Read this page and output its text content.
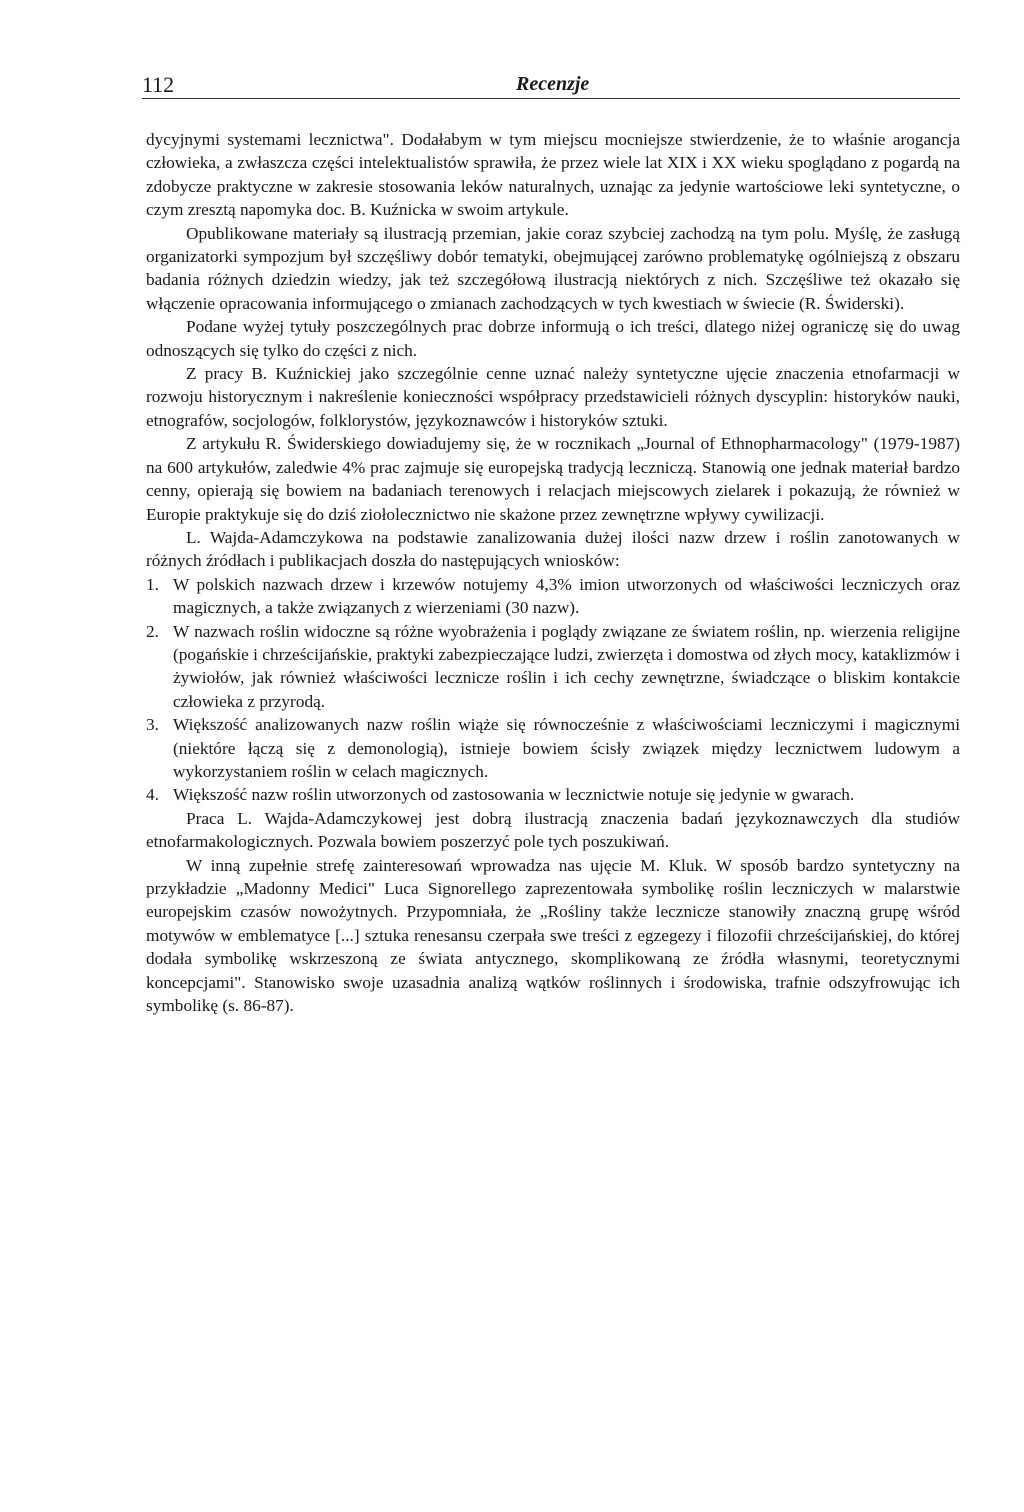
112	Recenzje

dycyjnymi systemami lecznictwa". Dodałabym w tym miejscu mocniejsze stwierdzenie, że to właśnie arogancja człowieka, a zwłaszcza części intelektualistów sprawiła, że przez wiele lat XIX i XX wieku spoglądano z pogardą na zdobycze praktyczne w zakresie stosowania leków naturalnych, uznając za jedynie wartościowe leki syntetyczne, o czym zresztą napomyka doc. B. Kuźnicka w swoim artykule.

Opublikowane materiały są ilustracją przemian, jakie coraz szybciej zachodzą na tym polu. Myślę, że zasługą organizatorki sympozjum był szczęśliwy dobór tematyki, obejmującej zarówno problematykę ogólniejszą z obszaru badania różnych dziedzin wiedzy, jak też szczegółową ilustracją niektórych z nich. Szczęśliwe też okazało się włączenie opracowania informującego o zmianach zachodzących w tych kwestiach w świecie (R. Świderski).

Podane wyżej tytuły poszczególnych prac dobrze informują o ich treści, dlatego niżej ograniczę się do uwag odnoszących się tylko do części z nich.

Z pracy B. Kuźnickiej jako szczególnie cenne uznać należy syntetyczne ujęcie znaczenia etnofarmacji w rozwoju historycznym i nakreślenie konieczności współpracy przedstawicieli różnych dyscyplin: historyków nauki, etnografów, socjologów, folklorystów, językoznawców i historyków sztuki.

Z artykułu R. Świderskiego dowiadujemy się, że w rocznikach „Journal of Ethnopharmacology" (1979-1987) na 600 artykułów, zaledwie 4% prac zajmuje się europejską tradycją leczniczą. Stanowią one jednak materiał bardzo cenny, opierają się bowiem na badaniach terenowych i relacjach miejscowych zielarek i pokazują, że również w Europie praktykuje się do dziś ziołolecznictwo nie skażone przez zewnętrzne wpływy cywilizacji.

L. Wajda-Adamczykowa na podstawie zanalizowania dużej ilości nazw drzew i roślin zanotowanych w różnych źródłach i publikacjach doszła do następujących wniosków:

1. W polskich nazwach drzew i krzewów notujemy 4,3% imion utworzonych od właściwości leczniczych oraz magicznych, a także związanych z wierzeniami (30 nazw).
2. W nazwach roślin widoczne są różne wyobrażenia i poglądy związane ze światem roślin, np. wierzenia religijne (pogańskie i chrześcijańskie, praktyki zabezpieczające ludzi, zwierzęta i domostwa od złych mocy, kataklizmów i żywiołów, jak również właściwości lecznicze roślin i ich cechy zewnętrzne, świadczące o bliskim kontakcie człowieka z przyrodą.
3. Większość analizowanych nazw roślin wiąże się równocześnie z właściwościami leczniczymi i magicznymi (niektóre łączą się z demonologią), istnieje bowiem ścisły związek między lecznictwem ludowym a wykorzystaniem roślin w celach magicznych.
4. Większość nazw roślin utworzonych od zastosowania w lecznictwie notuje się jedynie w gwarach.

Praca L. Wajda-Adamczykowej jest dobrą ilustracją znaczenia badań językoznawczych dla studiów etnofarmakologicznych. Pozwala bowiem poszerzyć pole tych poszukiwań.

W inną zupełnie strefę zainteresowań wprowadza nas ujęcie M. Kluk. W sposób bardzo syntetyczny na przykładzie „Madonny Medici" Luca Signorellego zaprezentowała symbolikę roślin leczniczych w malarstwie europejskim czasów nowożytnych. Przypomniała, że „Rośliny także lecznicze stanowiły znaczną grupę wśród motywów w emblematyce [...] sztuka renesansu czerpała swe treści z egzegezy i filozofii chrześcijańskiej, do której dodała symbolikę wskrzeszoną ze świata antycznego, skomplikowaną ze źródła własnymi, teoretycznymi koncepcjami". Stanowisko swoje uzasadnia analizą wątków roślinnych i środowiska, trafnie odszyfrowując ich symbolikę (s. 86-87).
